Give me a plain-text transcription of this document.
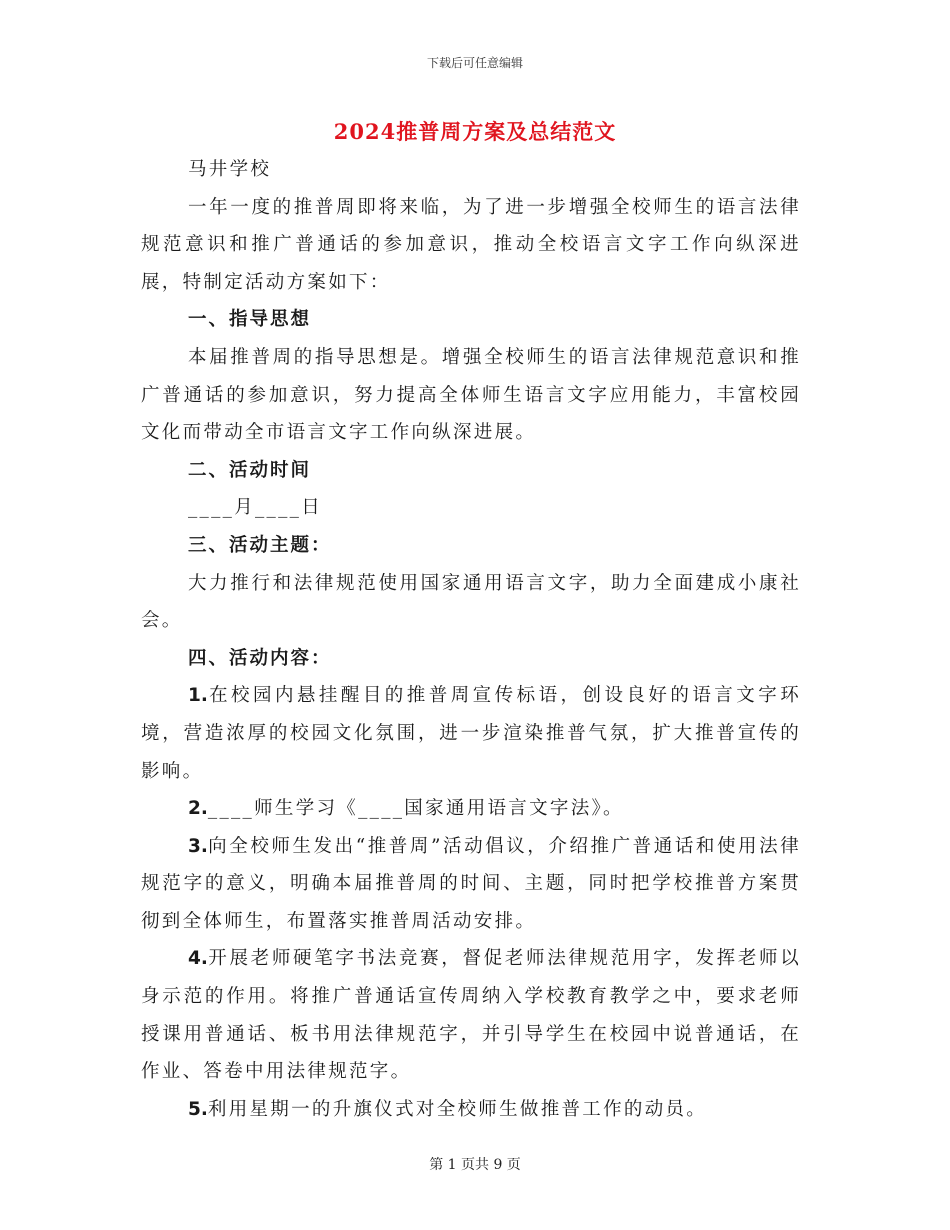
下载后可任意编辑
2024推普周方案及总结范文

马井学校

一年一度的推普周即将来临，为了进一步增强全校师生的语言法律规范意识和推广普通话的参加意识，推动全校语言文字工作向纵深进展，特制定活动方案如下：

一、指导思想

本届推普周的指导思想是。增强全校师生的语言法律规范意识和推广普通话的参加意识，努力提高全体师生语言文字应用能力，丰富校园文化而带动全市语言文字工作向纵深进展。

二、活动时间

____月____日

三、活动主题：

大力推行和法律规范使用国家通用语言文字，助力全面建成小康社会。

四、活动内容：

1.在校园内悬挂醒目的推普周宣传标语，创设良好的语言文字环境，营造浓厚的校园文化氛围，进一步渲染推普气氛，扩大推普宣传的影响。

2.____师生学习《____国家通用语言文字法》。

3.向全校师生发出“推普周”活动倡议，介绍推广普通话和使用法律规范字的意义，明确本届推普周的时间、主题，同时把学校推普方案贯彻到全体师生，布置落实推普周活动安排。

4.开展老师硬笔字书法竞赛，督促老师法律规范用字，发挥老师以身示范的作用。将推广普通话宣传周纳入学校教育教学之中，要求老师授课用普通话、板书用法律规范字，并引导学生在校园中说普通话，在作业、答卷中用法律规范字。

5.利用星期一的升旗仪式对全校师生做推普工作的动员。

第 1 页共 9 页
